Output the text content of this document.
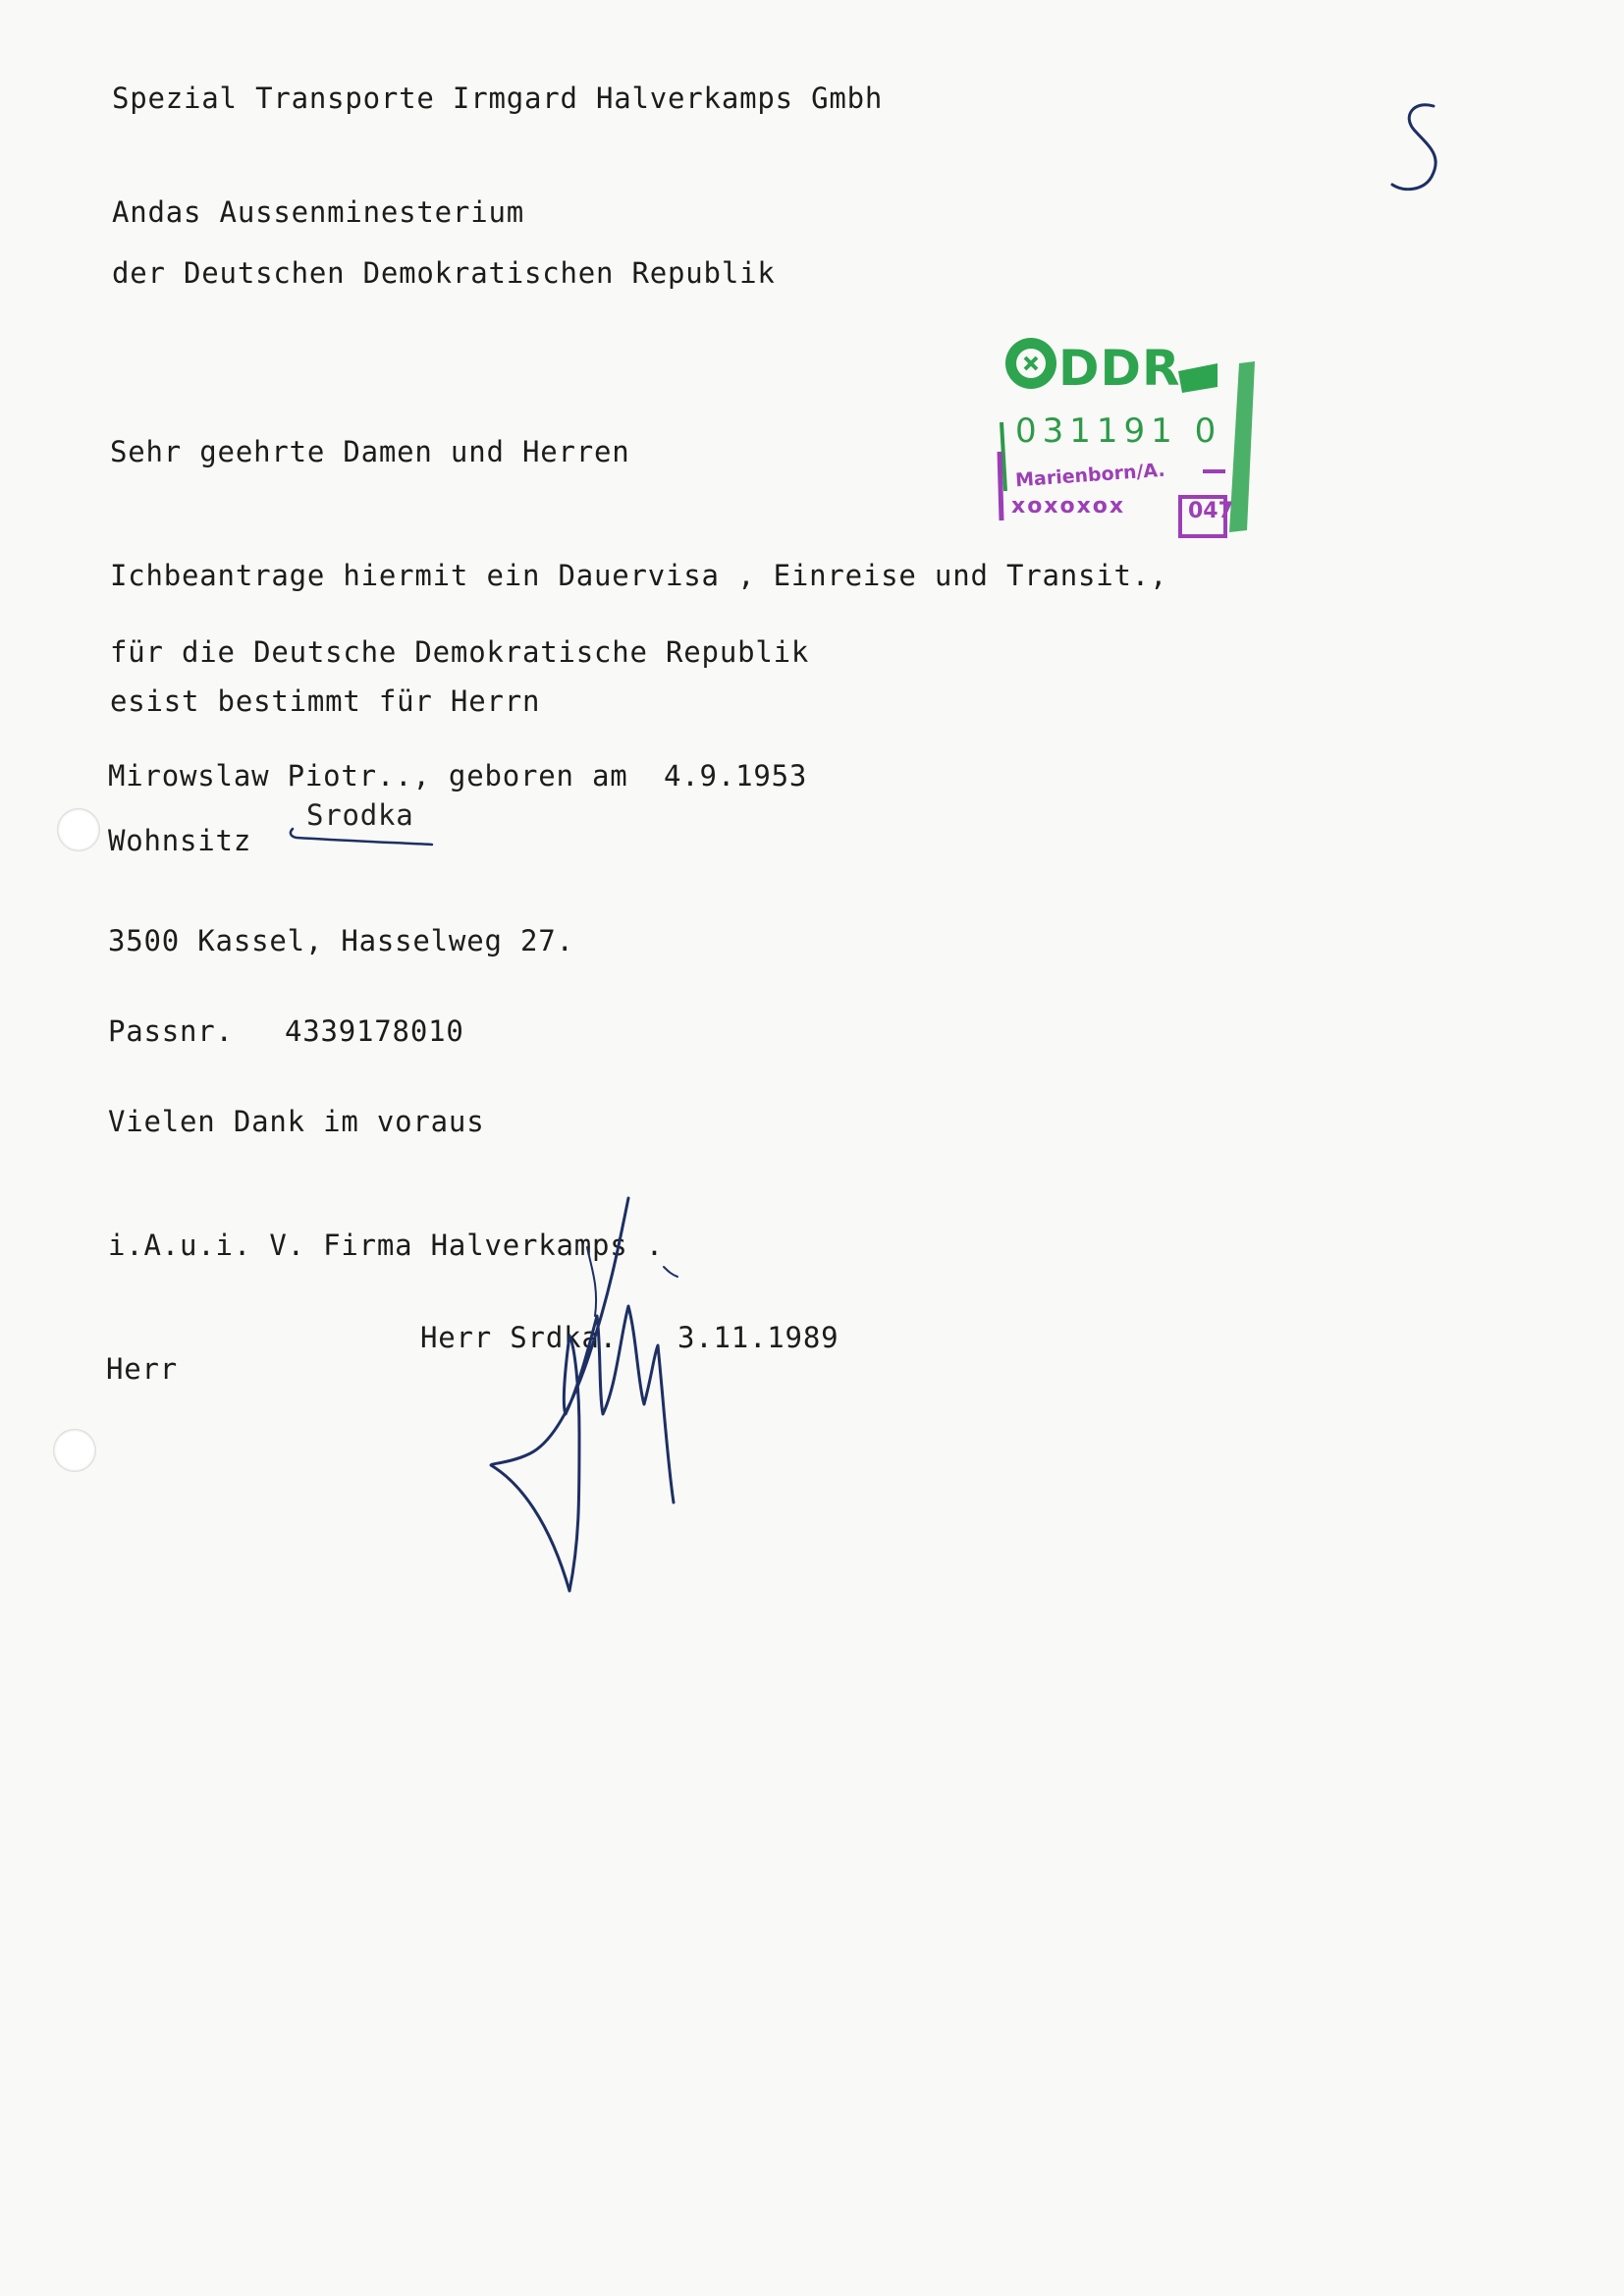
Spezial Transporte Irmgard Halverkamps Gmbh
Andas Aussenminesterium
der Deutschen Demokratischen Republik
Sehr geehrte Damen und Herren
Ichbeantrage hiermit ein Dauervisa , Einreise und Transit.,
für die Deutsche Demokratische Republik
esist bestimmt für Herrn
Mirowslaw Piotr.., geboren am  4.9.1953
Wohnsitz
Srodka
3500 Kassel, Hasselweg 27.
Passnr. 4339178010
Vielen Dank im voraus
i.A.u.i. V. Firma Halverkamps .
Herr Srdka. 3.11.1989
Herr
DDR
031191 0
Marienborn/A.
xoxoxox	047
